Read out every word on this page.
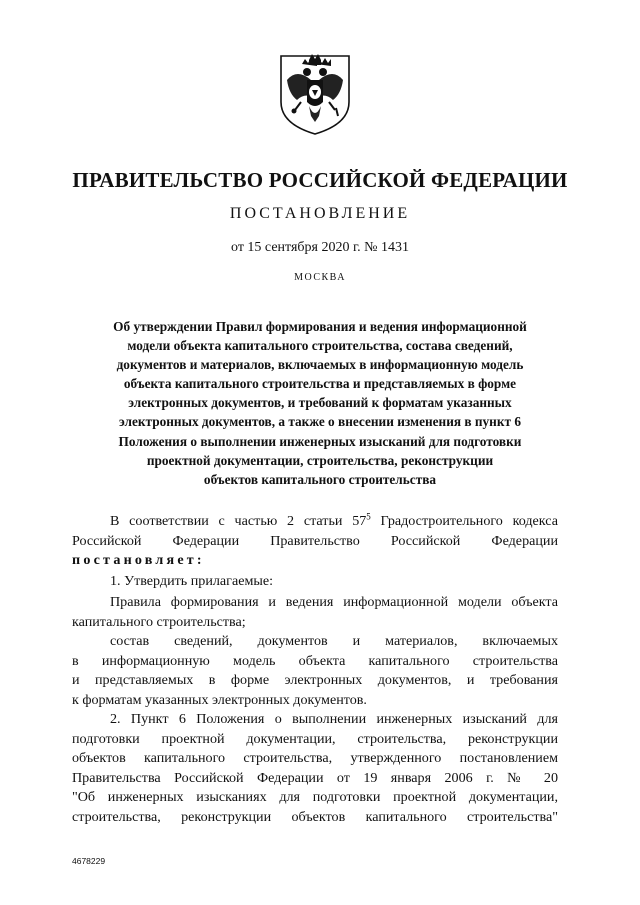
ПРАВИТЕЛЬСТВО РОССИЙСКОЙ ФЕДЕРАЦИИ
ПОСТАНОВЛЕНИЕ
от 15 сентября 2020 г. № 1431
МОСКВА
Об утверждении Правил формирования и ведения информационной
модели объекта капитального строительства, состава сведений,
документов и материалов, включаемых в информационную модель
объекта капитального строительства и представляемых в форме
электронных документов, и требований к форматам указанных
электронных документов, а также о внесении изменения в пункт 6
Положения о выполнении инженерных изысканий для подготовки
проектной документации, строительства, реконструкции
объектов капитального строительства
В соответствии с частью 2 статьи $57^5$ Градостроительного кодекса
Российской Федерации Правительство Российской Федерации
постановляет:
1. Утвердить прилагаемые:
Правила формирования и ведения информационной модели объекта
капитального строительства;
состав сведений, документов и материалов, включаемых
в информационную модель объекта капитального строительства
и представляемых в форме электронных документов, и требования
к форматам указанных электронных документов.
2. Пункт 6 Положения о выполнении инженерных изысканий для
подготовки проектной документации, строительства, реконструкции
объектов капитального строительства, утвержденного постановлением
Правительства Российской Федерации от 19 января 2006 г. № 20
"Об инженерных изысканиях для подготовки проектной документации,
строительства, реконструкции объектов капитального строительства"
4678229
